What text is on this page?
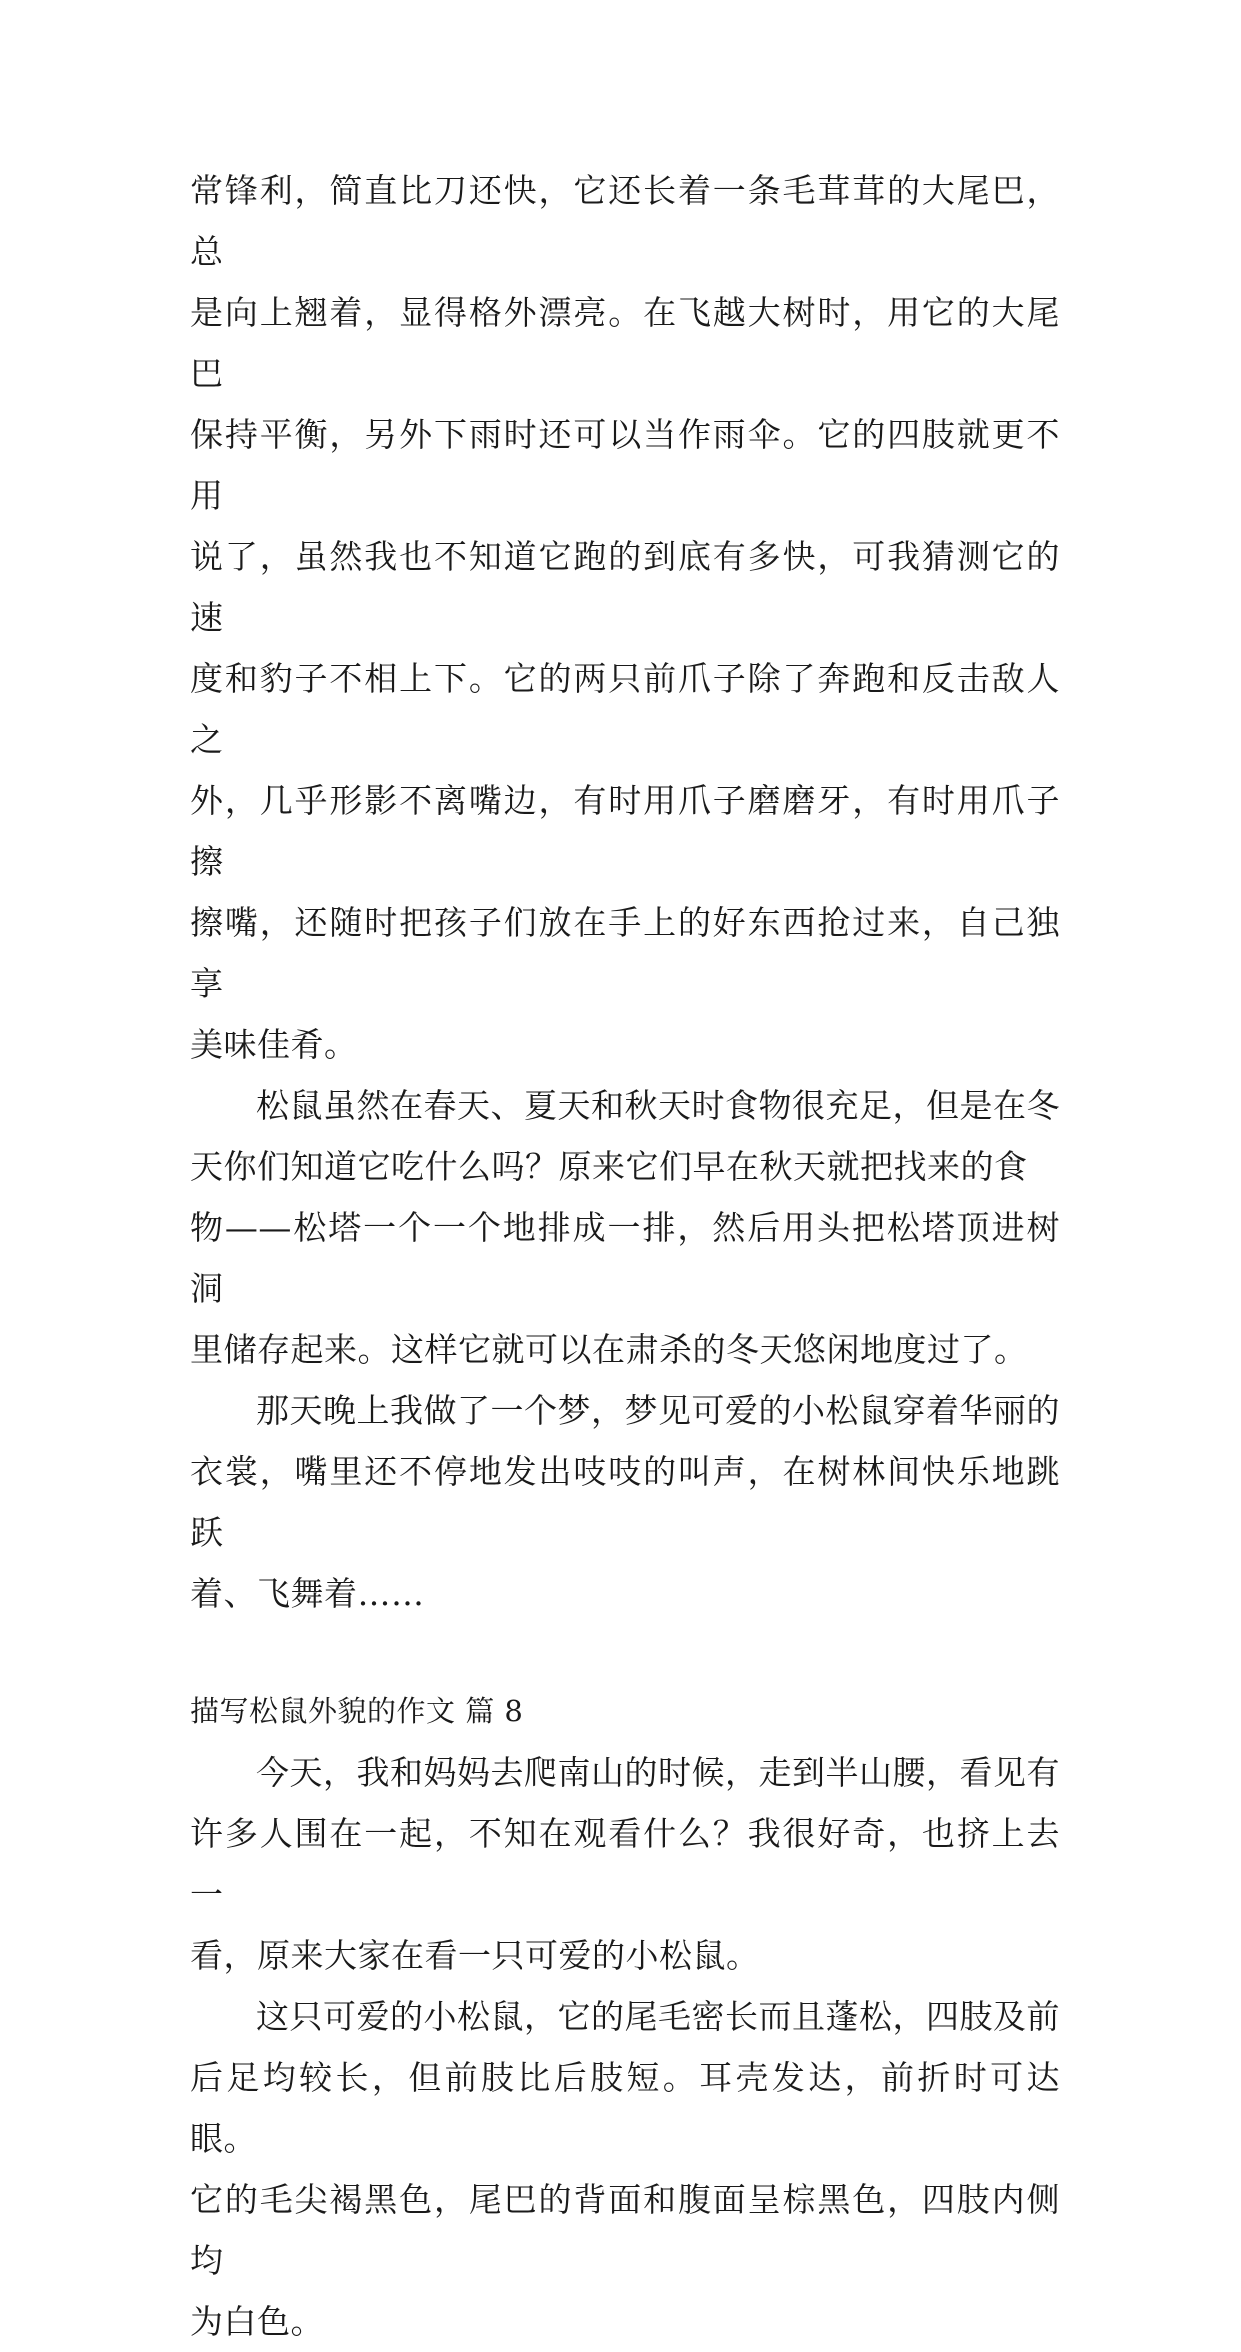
常锋利，简直比刀还快，它还长着一条毛茸茸的大尾巴，总
是向上翘着，显得格外漂亮。在飞越大树时，用它的大尾巴
保持平衡，另外下雨时还可以当作雨伞。它的四肢就更不用
说了，虽然我也不知道它跑的到底有多快，可我猜测它的速
度和豹子不相上下。它的两只前爪子除了奔跑和反击敌人之
外，几乎形影不离嘴边，有时用爪子磨磨牙，有时用爪子擦
擦嘴，还随时把孩子们放在手上的好东西抢过来，自己独享
美味佳肴。
松鼠虽然在春天、夏天和秋天时食物很充足，但是在冬
天你们知道它吃什么吗？原来它们早在秋天就把找来的食
物——松塔一个一个地排成一排，然后用头把松塔顶进树洞
里储存起来。这样它就可以在肃杀的冬天悠闲地度过了。
那天晚上我做了一个梦，梦见可爱的小松鼠穿着华丽的
衣裳，嘴里还不停地发出吱吱的叫声，在树林间快乐地跳跃
着、飞舞着……
描写松鼠外貌的作文 篇 8
今天，我和妈妈去爬南山的时候，走到半山腰，看见有
许多人围在一起，不知在观看什么？我很好奇，也挤上去一
看，原来大家在看一只可爱的小松鼠。
这只可爱的小松鼠，它的尾毛密长而且蓬松，四肢及前
后足均较长，但前肢比后肢短。耳壳发达，前折时可达眼。
它的毛尖褐黑色，尾巴的背面和腹面呈棕黑色，四肢内侧均
为白色。
